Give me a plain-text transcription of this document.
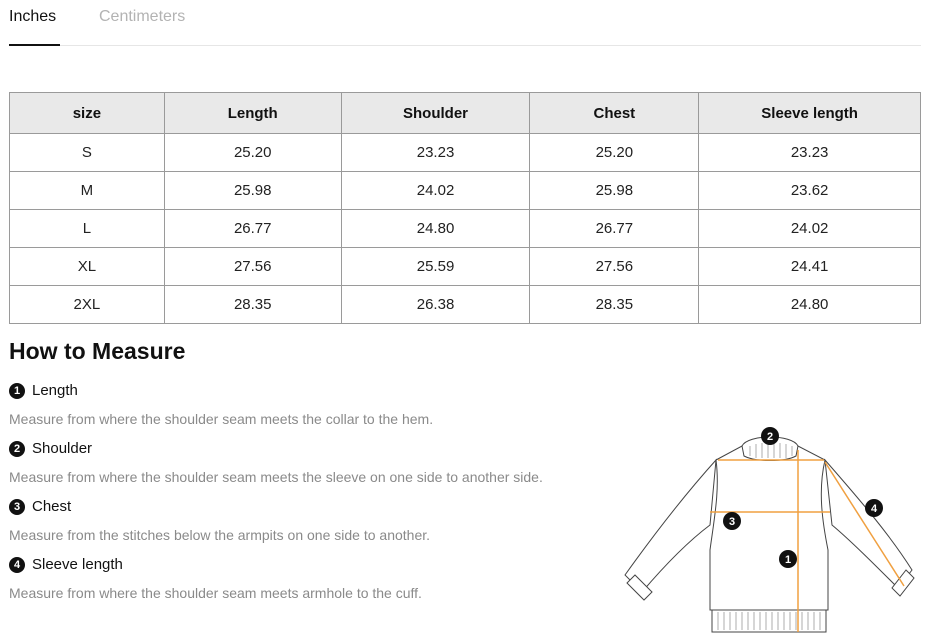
Inches	Centimeters
size	Length	Shoulder	Chest	Sleeve length
S	25.20	23.23	25.20	23.23
M	25.98	24.02	25.98	23.62
L	26.77	24.80	26.77	24.02
XL	27.56	25.59	27.56	24.41
2XL	28.35	26.38	28.35	24.80
How to Measure
1 Length
Measure from where the shoulder seam meets the collar to the hem.
2 Shoulder
Measure from where the shoulder seam meets the sleeve on one side to another side.
3 Chest
Measure from the stitches below the armpits on one side to another.
4 Sleeve length
Measure from where the shoulder seam meets armhole to the cuff.
1
2
3
4
